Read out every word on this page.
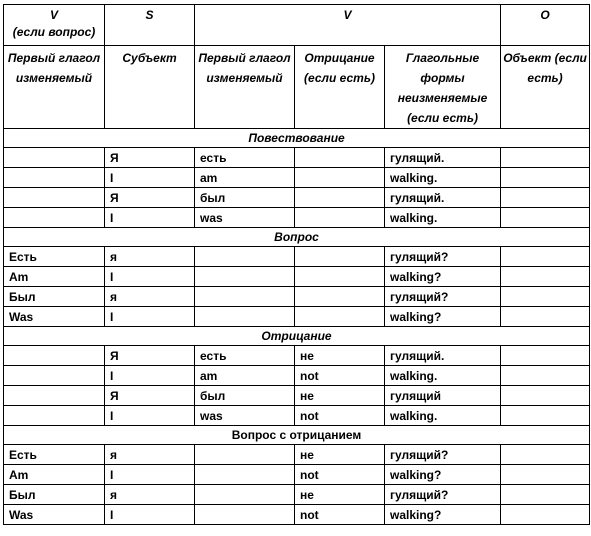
V
(если вопрос)	S	V			O
Первый глагол изменяемый	Субъект	Первый глагол изменяемый	Отрицание (если есть)	Глагольные формы неизменяемые (если есть)	Объект (если есть)
Повествование					
	Я	есть		гулящий.	
	I	am		walking.	
	Я	был		гулящий.	
	I	was		walking.	
Вопрос					
Есть	я			гулящий?	
Am	I			walking?	
Был	я			гулящий?	
Was	I			walking?	
Отрицание					
	Я	есть	не	гулящий.	
	I	am	not	walking.	
	Я	был	не	гулящий	
	I	was	not	walking.	
Вопрос с отрицанием					
Есть	я		не	гулящий?	
Am	I		not	walking?	
Был	я		не	гулящий?	
Was	I		not	walking?	
